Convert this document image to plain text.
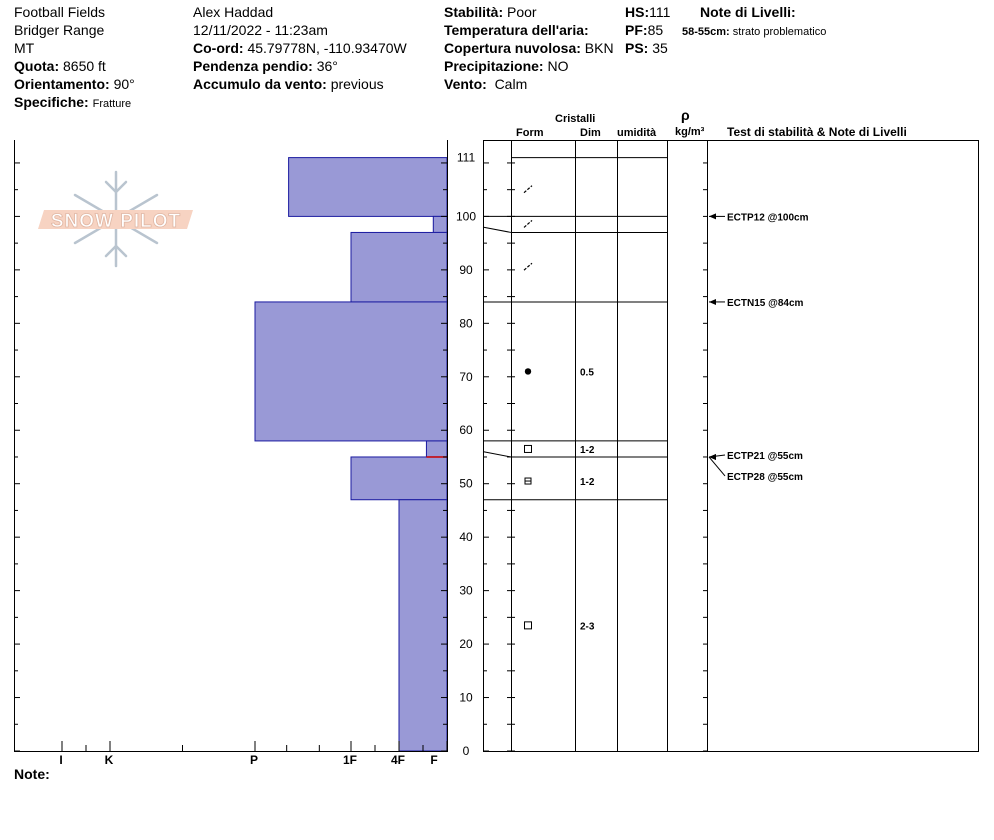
Football Fields
Bridger Range
MT
Quota: 8650 ft
Orientamento: 90°
Specifiche: Fratture
Alex Haddad
12/11/2022 - 11:23am
Co-ord: 45.79778N, -110.93470W
Pendenza pendio: 36°
Accumulo da vento: previous
Stabilità: Poor
Temperatura dell'aria:
Copertura nuvolosa: BKN
Precipitazione: NO
Vento: Calm
HS:111
PF:85
PS: 35
Note di Livelli:
58-55cm: strato problematico
Cristalli
Form	Dim umidità
ρ
kg/m³ Test di stabilità & Note di Livelli
Note:
SNOW PILOT
0
10
20
30
40
50
60
70
80
90
100
111
I	K	P	1F	4F F
0.5
1-2
1-2
2-3
ECTP12 @100cm
ECTN15 @84cm
ECTP21 @55cm
ECTP28 @55cm
